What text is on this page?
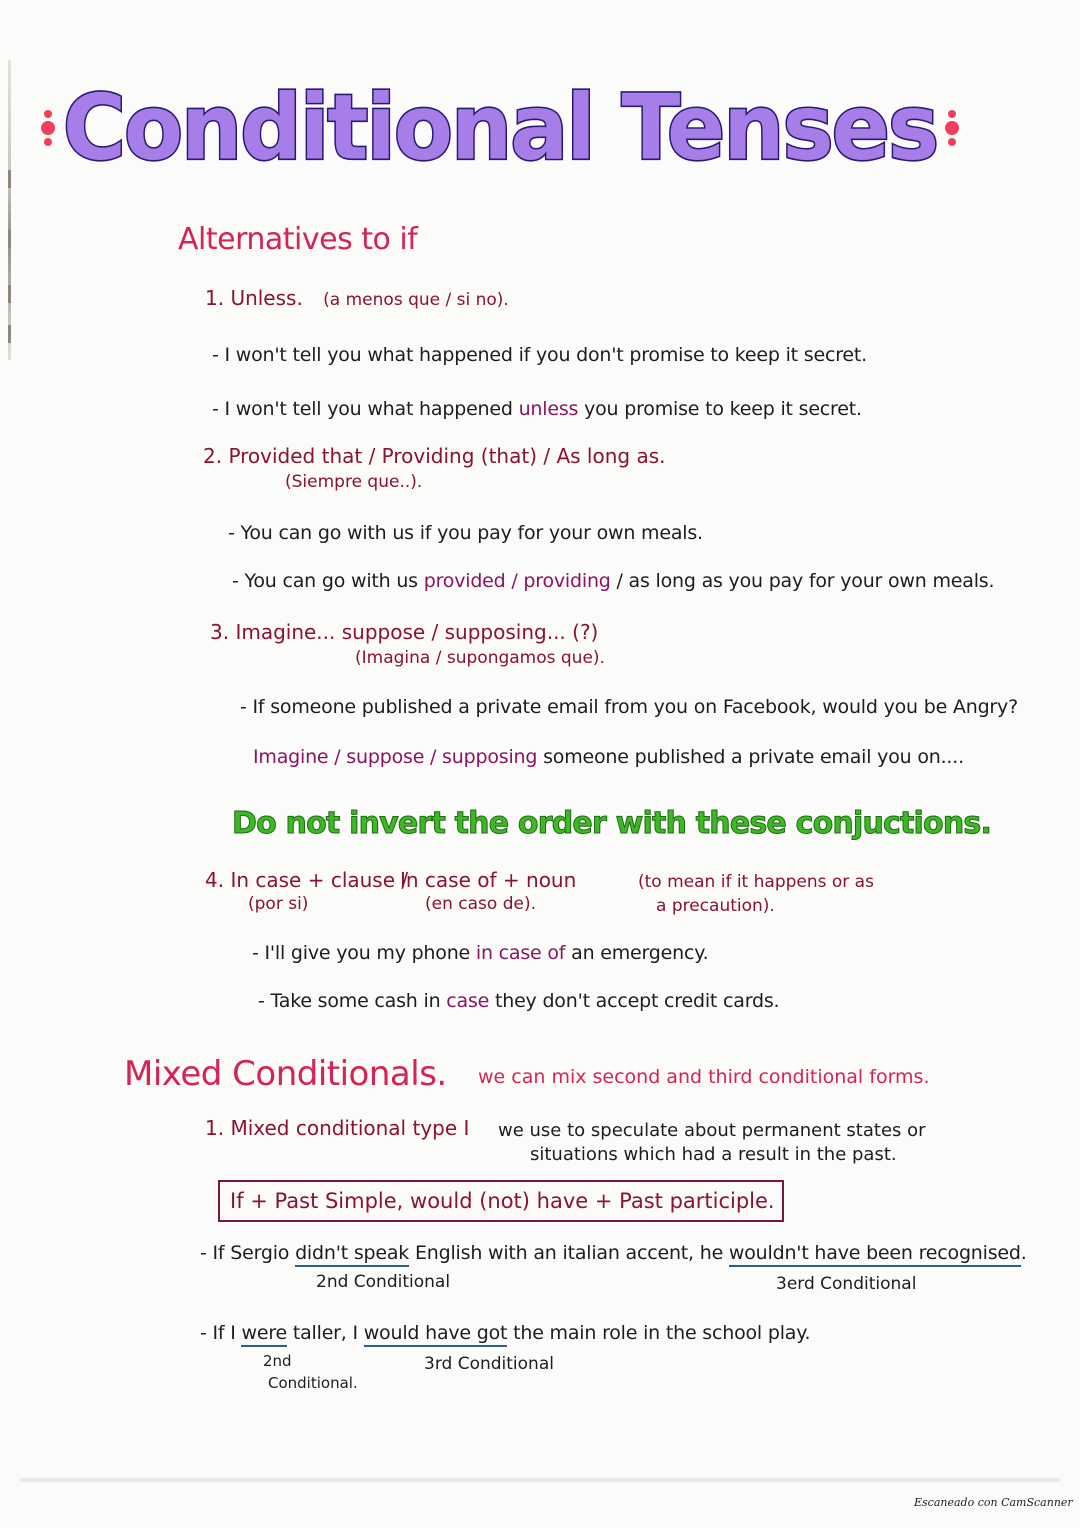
Conditional Tenses
Alternatives to if
1. Unless. (a menos que / si no).
- I won't tell you what happened if you don't promise to keep it secret.
- I won't tell you what happened unless you promise to keep it secret.
2. Provided that / Providing (that) / As long as.
(Siempre que..).
- You can go with us if you pay for your own meals.
- You can go with us provided / providing / as long as you pay for your own meals.
3. Imagine... suppose / supposing... (?)
(Imagina / supongamos que).
- If someone published a private email from you on Facebook, would you be Angry?
Imagine / suppose / supposing someone published a private email you on....
Do not invert the order with these conjuctions.
4. In case + clause /
In case of + noun
(por si)	(en caso de).
(to mean if it happens or as
a precaution).
- I'll give you my phone in case of an emergency.
- Take some cash in case they don't accept credit cards.
Mixed Conditionals. we can mix second and third conditional forms.
1. Mixed conditional type I we use to speculate about permanent states or
situations which had a result in the past.
If + Past Simple, would (not) have + Past participle.
- If Sergio didn't speak English with an italian accent, he wouldn't have been recognised.
2nd Conditional	3erd Conditional
- If I were taller, I would have got the main role in the school play.
2nd
Conditional.
3rd Conditional
Escaneado con CamScanner
